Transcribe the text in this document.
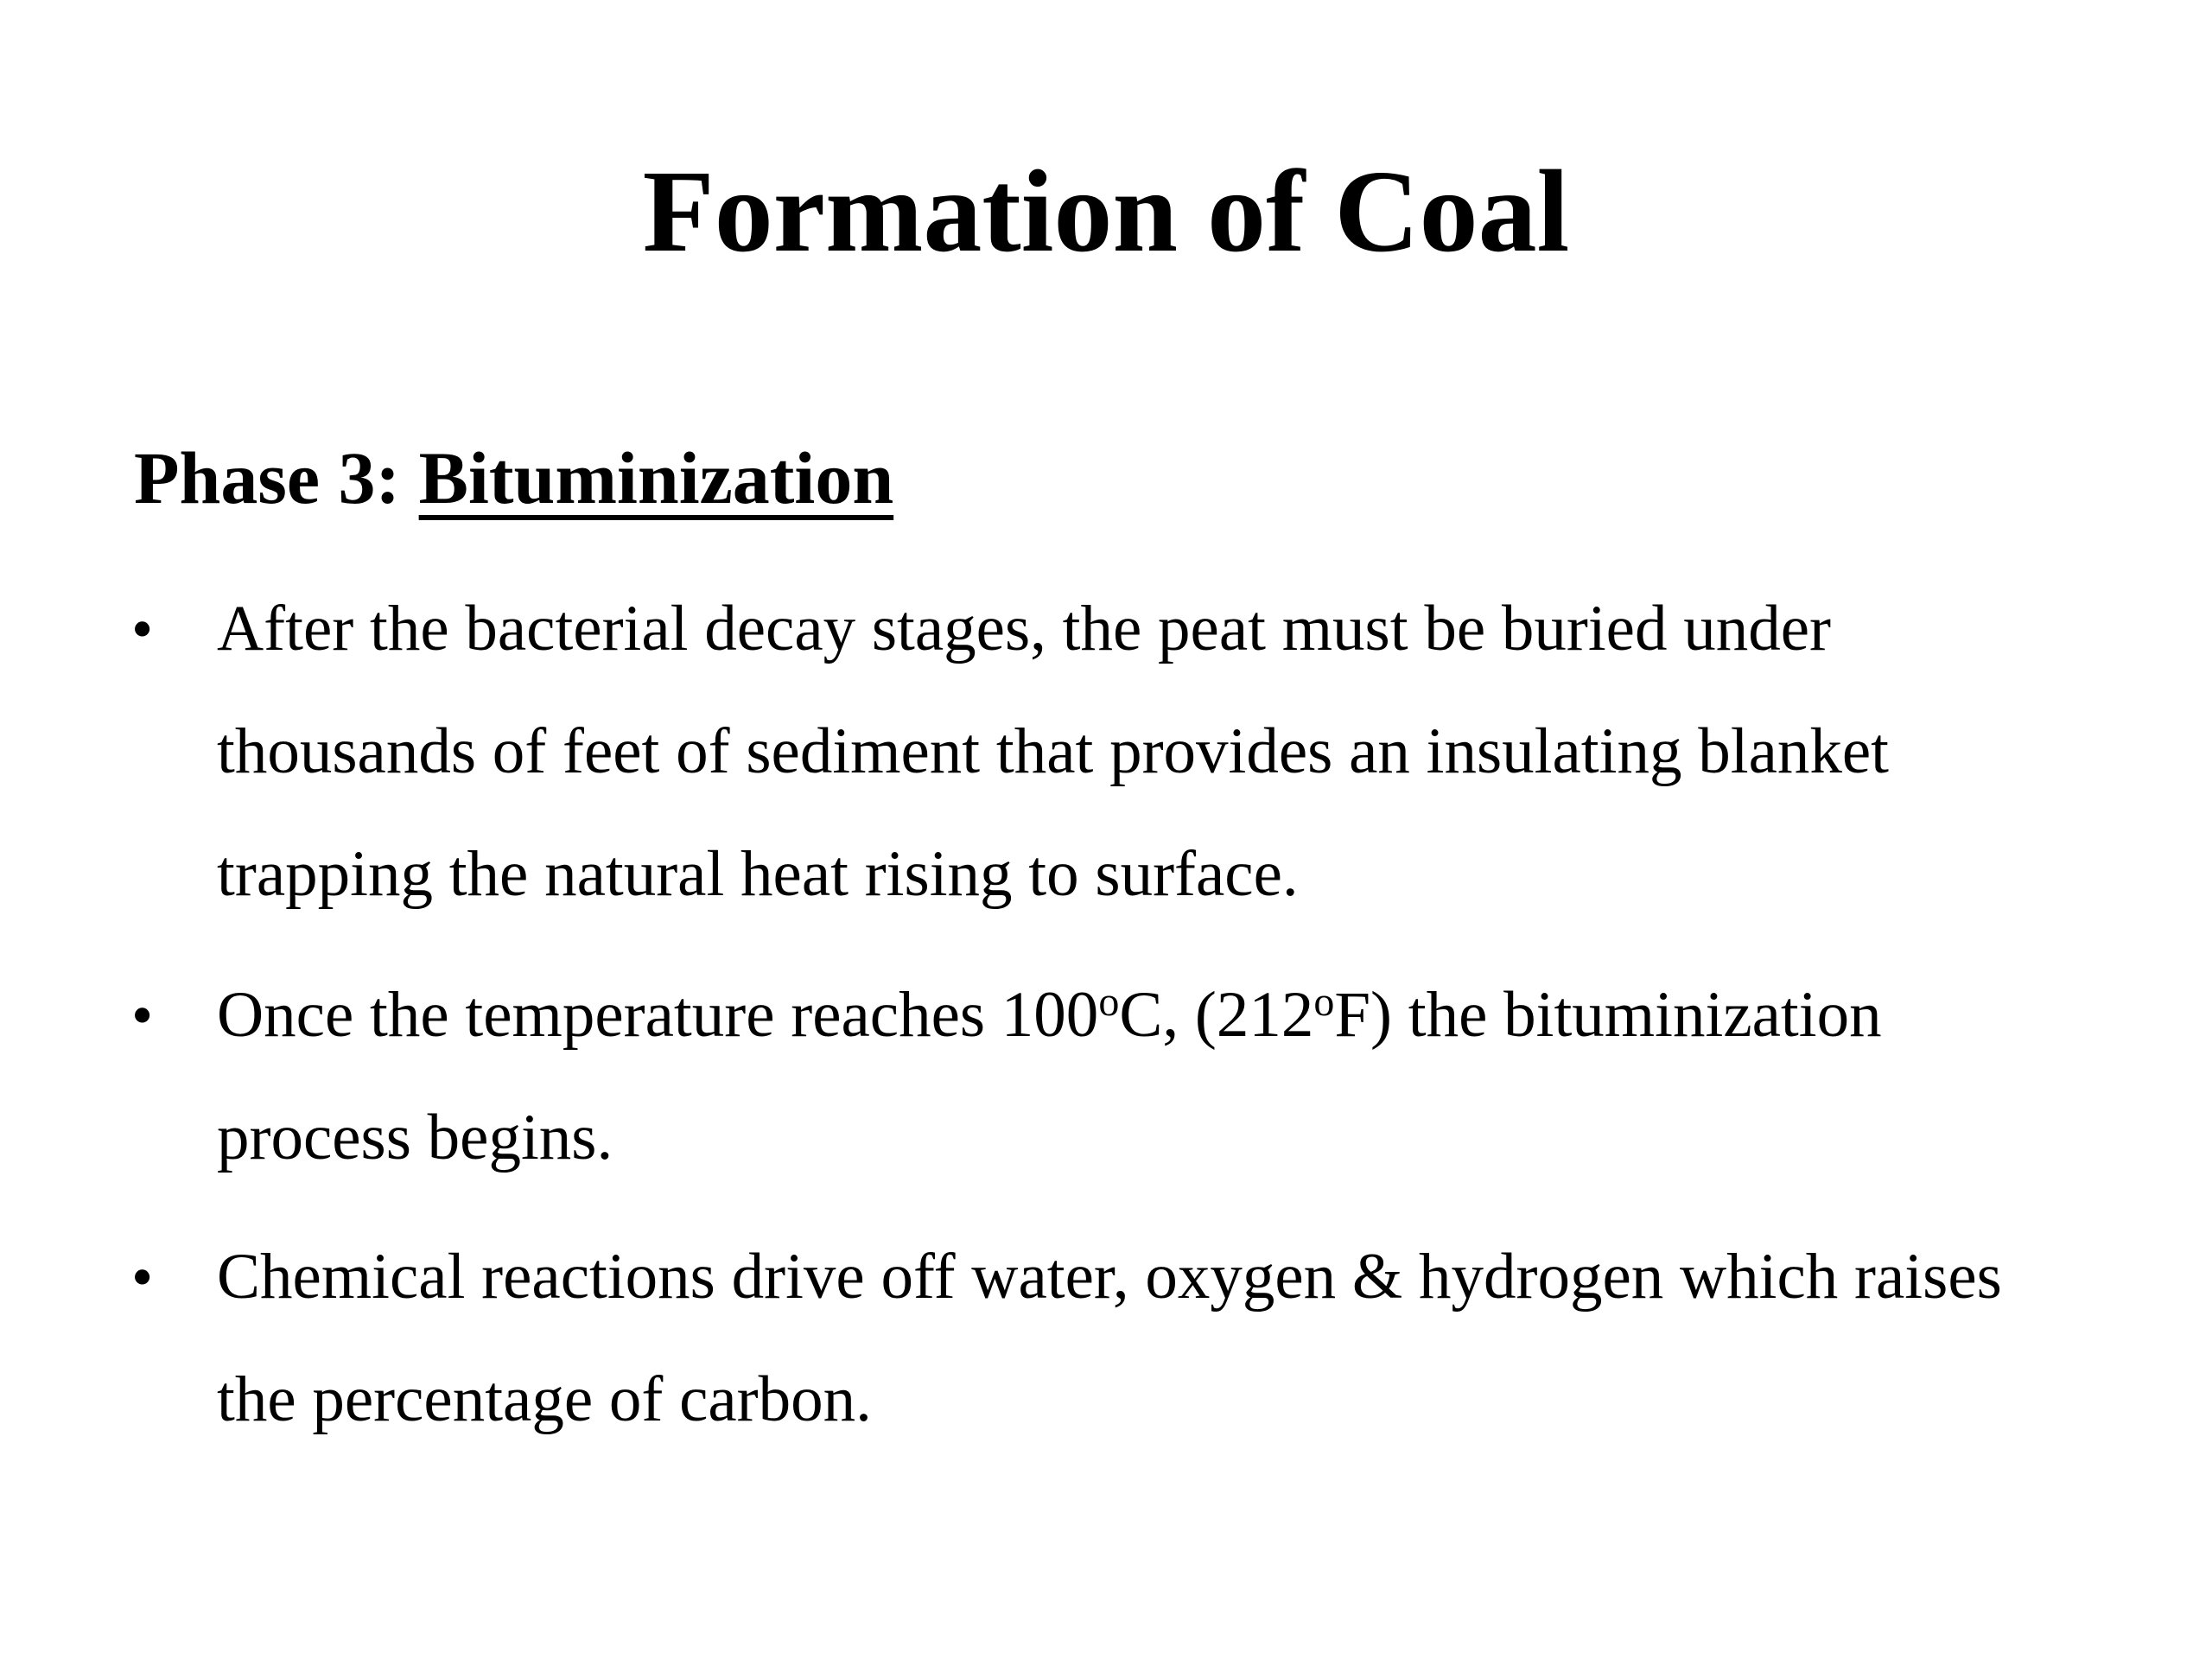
Formation of Coal
Phase 3: Bituminization
• After the bacterial decay stages, the peat must be buried under
thousands of feet of sediment that provides an insulating blanket
trapping the natural heat rising to surface.
• Once the temperature reaches 100$^o$C, (212$^o$F) the bituminization
process begins.
• Chemical reactions drive off water, oxygen & hydrogen which raises
the percentage of carbon.
